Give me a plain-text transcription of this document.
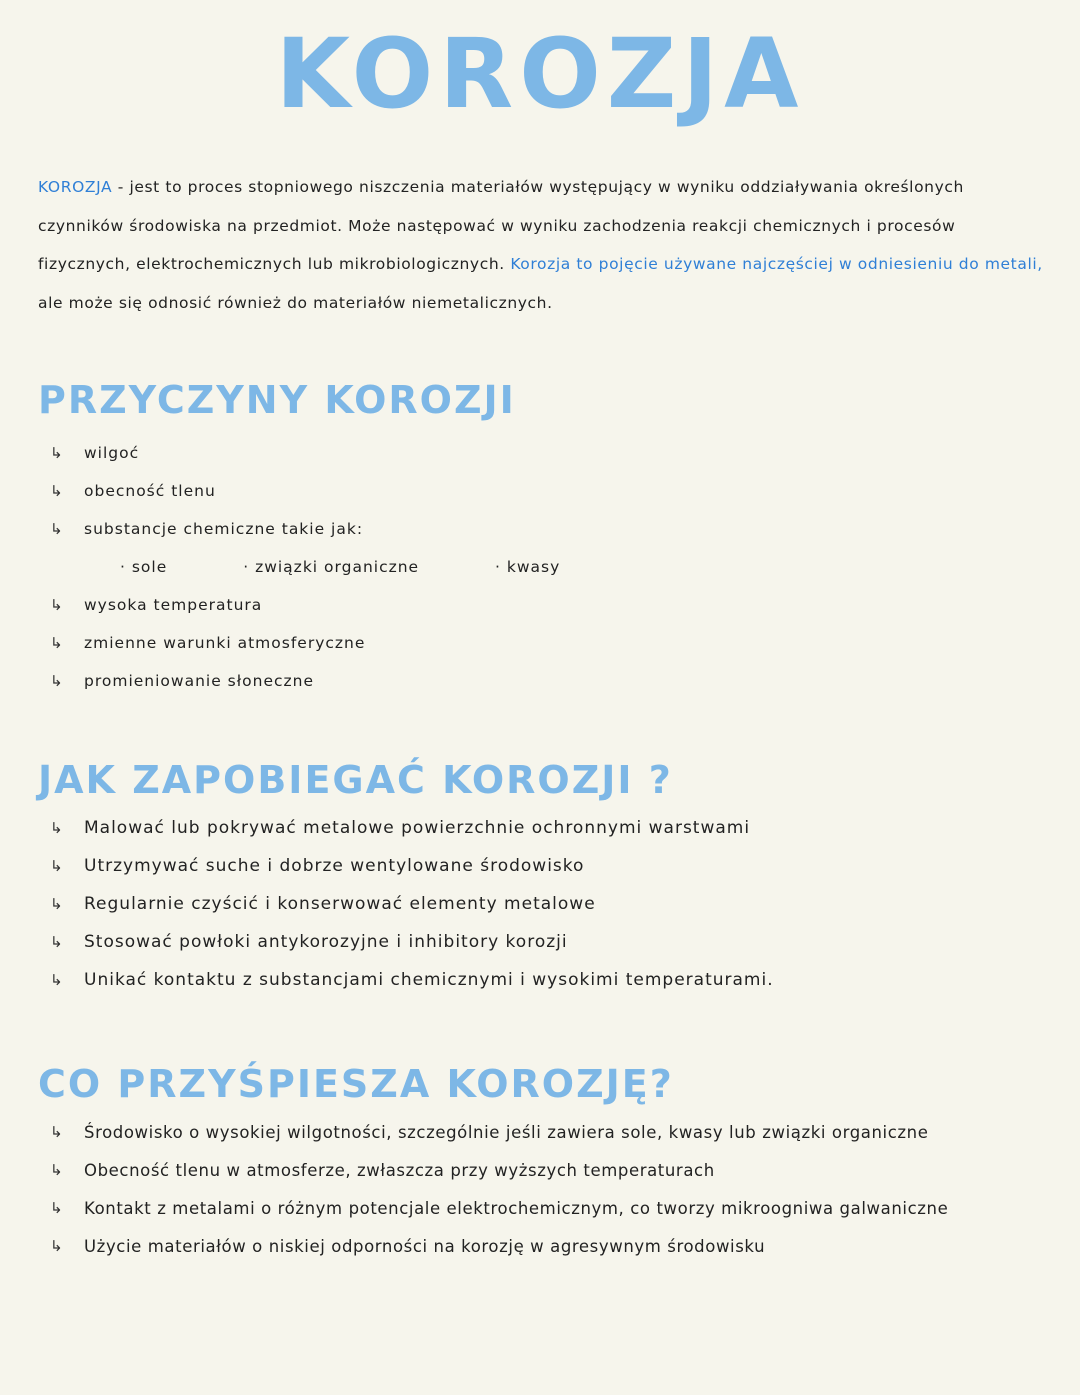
KOROZJA
KOROZJA - jest to proces stopniowego niszczenia materiałów występujący w wyniku oddziaływania określonych czynników środowiska na przedmiot. Może następować w wyniku zachodzenia reakcji chemicznych i procesów fizycznych, elektrochemicznych lub mikrobiologicznych. Korozja to pojęcie używane najczęściej w odniesieniu do metali, ale może się odnosić również do materiałów niemetalicznych.
PRZYCZYNY KOROZJI
↳ wilgoć
↳ obecność tlenu
↳ substancje chemiczne takie jak:
· sole	· związki organiczne	· kwasy
↳ wysoka temperatura
↳ zmienne warunki atmosferyczne
↳ promieniowanie słoneczne
JAK ZAPOBIEGAĆ KOROZJI ?
↳ Malować lub pokrywać metalowe powierzchnie ochronnymi warstwami
↳ Utrzymywać suche i dobrze wentylowane środowisko
↳ Regularnie czyścić i konserwować elementy metalowe
↳ Stosować powłoki antykorozyjne i inhibitory korozji
↳ Unikać kontaktu z substancjami chemicznymi i wysokimi temperaturami.
CO PRZYŚPIESZA KOROZJĘ?
↳ Środowisko o wysokiej wilgotności, szczególnie jeśli zawiera sole, kwasy lub związki organiczne
↳ Obecność tlenu w atmosferze, zwłaszcza przy wyższych temperaturach
↳ Kontakt z metalami o różnym potencjale elektrochemicznym, co tworzy mikroogniwa galwaniczne
↳ Użycie materiałów o niskiej odporności na korozję w agresywnym środowisku
